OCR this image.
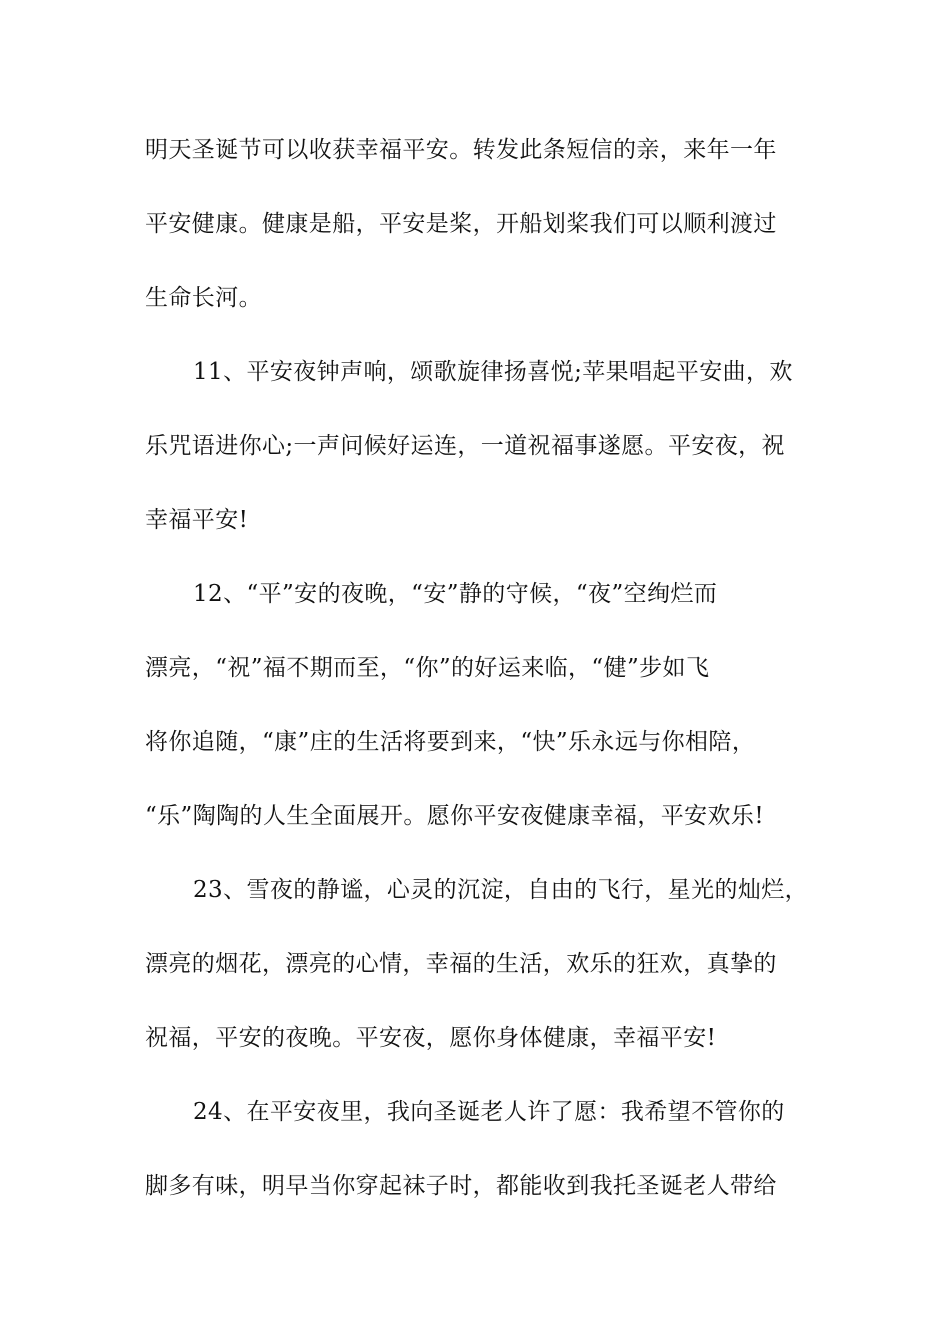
明天圣诞节可以收获幸福平安。转发此条短信的亲，来年一年
平安健康。健康是船，平安是桨，开船划桨我们可以顺利渡过
生命长河。
11、平安夜钟声响，颂歌旋律扬喜悦;苹果唱起平安曲，欢
乐咒语进你心;一声问候好运连，一道祝福事遂愿。平安夜，祝
幸福平安!
12、“平”安的夜晚，“安”静的守候，“夜”空绚烂而
漂亮，“祝”福不期而至，“你”的好运来临，“健”步如飞
将你追随，“康”庄的生活将要到来，“快”乐永远与你相陪，
“乐”陶陶的人生全面展开。愿你平安夜健康幸福，平安欢乐!
23、雪夜的静谧，心灵的沉淀，自由的飞行，星光的灿烂，
漂亮的烟花，漂亮的心情，幸福的生活，欢乐的狂欢，真挚的
祝福，平安的夜晚。平安夜，愿你身体健康，幸福平安!
24、在平安夜里，我向圣诞老人许了愿：我希望不管你的
脚多有味，明早当你穿起袜子时，都能收到我托圣诞老人带给
